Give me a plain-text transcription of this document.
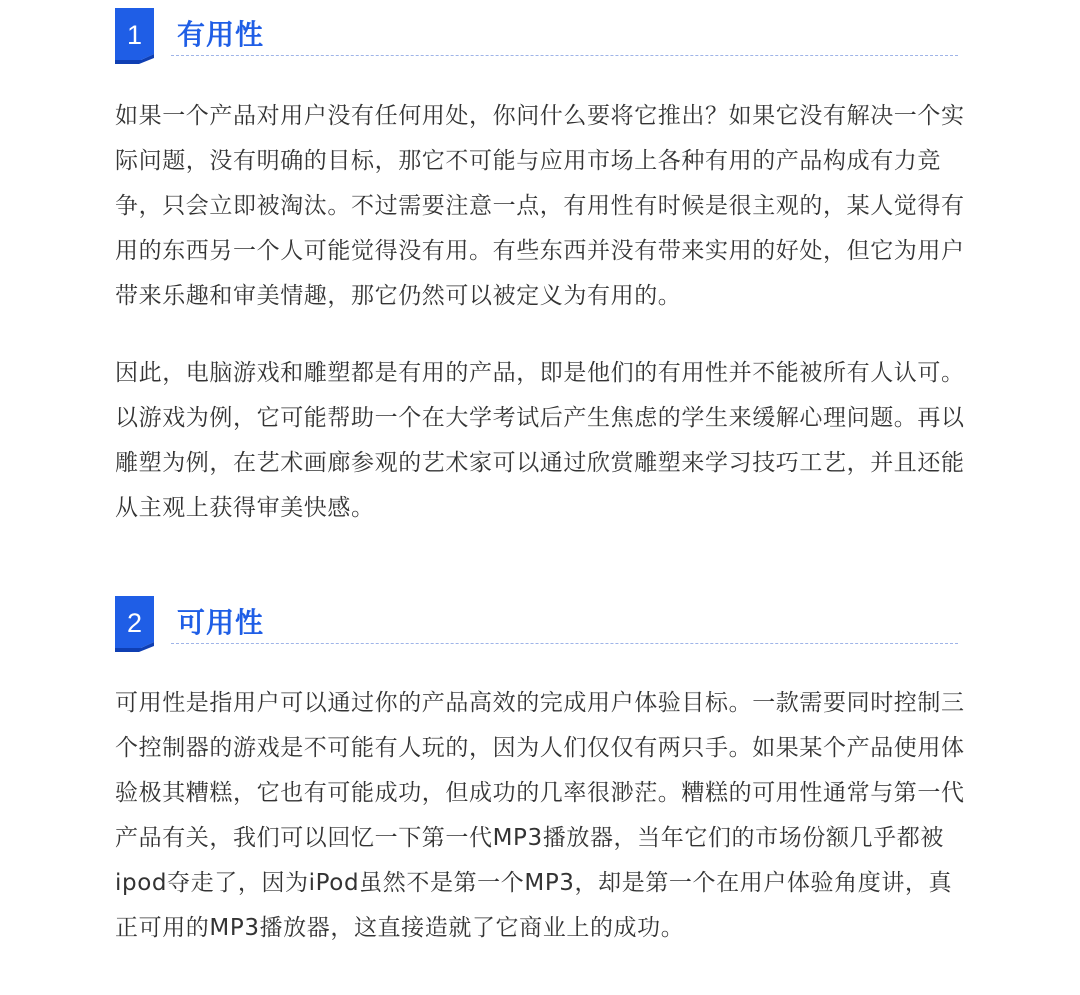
1	有用性

如果一个产品对用户没有任何用处，你问什么要将它推出？如果它没有解决一个实际问题，没有明确的目标，那它不可能与应用市场上各种有用的产品构成有力竞争，只会立即被淘汰。不过需要注意一点，有用性有时候是很主观的，某人觉得有用的东西另一个人可能觉得没有用。有些东西并没有带来实用的好处，但它为用户带来乐趣和审美情趣，那它仍然可以被定义为有用的。

因此，电脑游戏和雕塑都是有用的产品，即是他们的有用性并不能被所有人认可。以游戏为例，它可能帮助一个在大学考试后产生焦虑的学生来缓解心理问题。再以雕塑为例，在艺术画廊参观的艺术家可以通过欣赏雕塑来学习技巧工艺，并且还能从主观上获得审美快感。

2	可用性

可用性是指用户可以通过你的产品高效的完成用户体验目标。一款需要同时控制三个控制器的游戏是不可能有人玩的，因为人们仅仅有两只手。如果某个产品使用体验极其糟糕，它也有可能成功，但成功的几率很渺茫。糟糕的可用性通常与第一代产品有关，我们可以回忆一下第一代MP3播放器，当年它们的市场份额几乎都被ipod夺走了，因为iPod虽然不是第一个MP3，却是第一个在用户体验角度讲，真正可用的MP3播放器，这直接造就了它商业上的成功。
